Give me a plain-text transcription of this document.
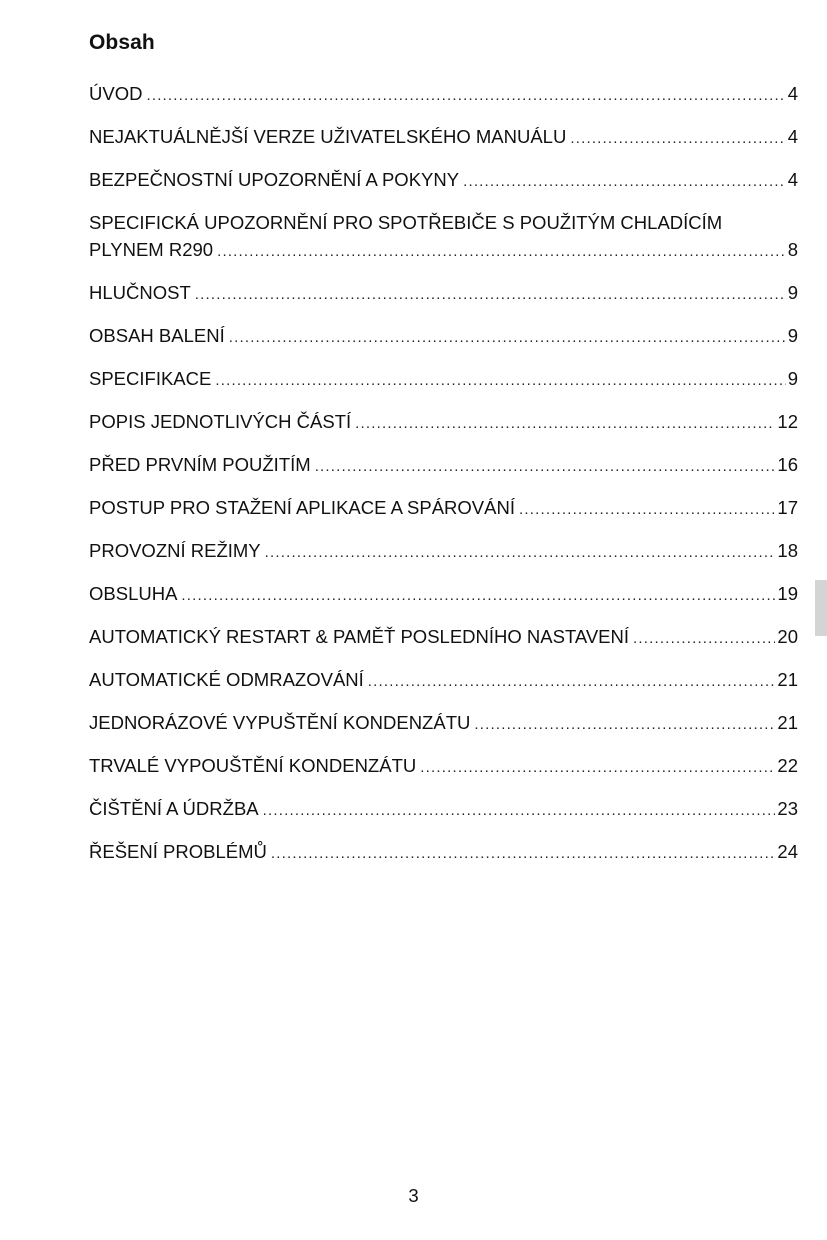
Obsah
ÚVOD .....	4
NEJAKTUÁLNĚJŠÍ VERZE UŽIVATELSKÉHO MANUÁLU .....	4
BEZPEČNOSTNÍ UPOZORNĚNÍ A POKYNY .....	4
SPECIFICKÁ UPOZORNĚNÍ PRO SPOTŘEBIČE S POUŽITÝM CHLADÍCÍM
PLYNEM R290 .....	8
HLUČNOST .....	9
OBSAH BALENÍ .....	9
SPECIFIKACE .....	9
POPIS JEDNOTLIVÝCH ČÁSTÍ .....	12
PŘED PRVNÍM POUŽITÍM .....	16
POSTUP PRO STAŽENÍ APLIKACE A SPÁROVÁNÍ .....	17
PROVOZNÍ REŽIMY .....	18
OBSLUHA .....	19
AUTOMATICKÝ RESTART & PAMĚŤ POSLEDNÍHO NASTAVENÍ .....	20
AUTOMATICKÉ ODMRAZOVÁNÍ .....	21
JEDNORÁZOVÉ VYPUŠTĚNÍ KONDENZÁTU .....	21
TRVALÉ VYPOUŠTĚNÍ KONDENZÁTU .....	22
ČIŠTĚNÍ A ÚDRŽBA .....	23
ŘEŠENÍ PROBLÉMŮ .....	24
3
